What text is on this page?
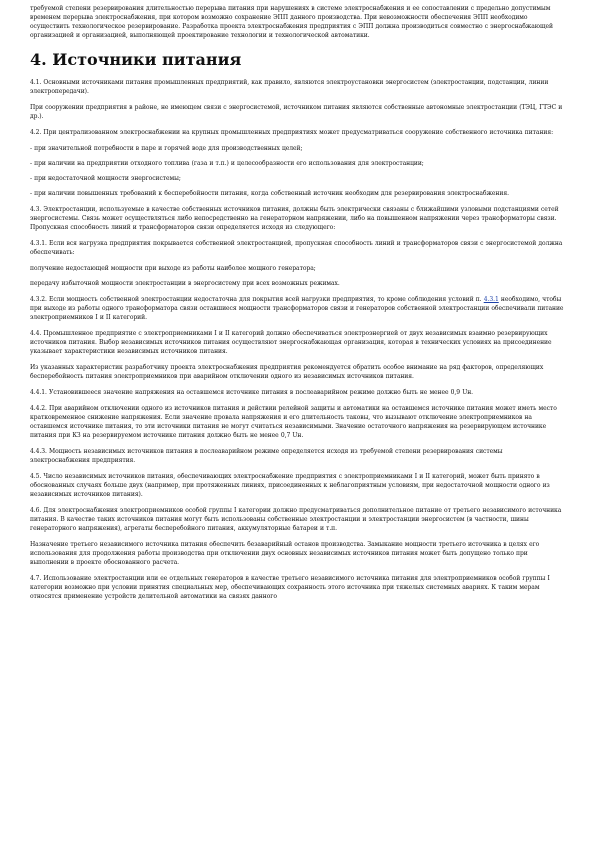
требуемой степени резервирования длительностью перерыва питания при нарушениях в системе электроснабжения и ее сопоставлении с предельно допустимым временем перерыва электроснабжения, при котором возможно сохранение ЭПП данного производства. При невозможности обеспечения ЭПП необходимо осуществить технологическое резервирование. Разработка проекта электроснабжения предприятия с ЭПП должна производиться совместно с энергоснабжающей организацией и организацией, выполняющей проектирование технологии и технологической автоматики.

4. Источники питания

4.1. Основными источниками питания промышленных предприятий, как правило, являются электроустановки энергосистем (электростанции, подстанции, линии электропередачи).

При сооружении предприятия в районе, не имеющем связи с энергосистемой, источником питания являются собственные автономные электростанции (ТЭЦ, ГТЭС и др.).

4.2. При централизованном электроснабжении на крупных промышленных предприятиях может предусматриваться сооружение собственного источника питания:

- при значительной потребности в паре и горячей воде для производственных целей;

- при наличии на предприятии отходного топлива (газа и т.п.) и целесообразности его использования для электростанции;

- при недостаточной мощности энергосистемы;

- при наличии повышенных требований к бесперебойности питания, когда собственный источник необходим для резервирования электроснабжения.

4.3. Электростанции, используемые в качестве собственных источников питания, должны быть электрически связаны с ближайшими узловыми подстанциями сетей энергосистемы. Связь может осуществляться либо непосредственно на генераторном напряжении, либо на повышенном напряжении через трансформаторы связи. Пропускная способность линий и трансформаторов связи определяется исходя из следующего:

4.3.1. Если вся нагрузка предприятия покрывается собственной электростанцией, пропускная способность линий и трансформаторов связи с энергосистемой должна обеспечивать:

получение недостающей мощности при выходе из работы наиболее мощного генератора;

передачу избыточной мощности электростанции в энергосистему при всех возможных режимах.

4.3.2. Если мощность собственной электростанции недостаточна для покрытия всей нагрузки предприятия, то кроме соблюдения условий п. 4.3.1 необходимо, чтобы при выходе из работы одного трансформатора связи оставшиеся мощности трансформаторов связи и генераторов собственной электростанции обеспечивали питание электроприемников I и II категорий.

4.4. Промышленное предприятие с электроприемниками I и II категорий должно обеспечиваться электроэнергией от двух независимых взаимно резервирующих источников питания. Выбор независимых источников питания осуществляют энергоснабжающая организация, которая в технических условиях на присоединение указывает характеристики независимых источников питания.

Из указанных характеристик разработчику проекта электроснабжения предприятия рекомендуется обратить особое внимание на ряд факторов, определяющих бесперебойность питания электроприемников при аварийном отключении одного из независимых источников питания.

4.4.1. Установившееся значение напряжения на оставшемся источнике питания в послеаварийном режиме должно быть не менее 0,9 Uн.

4.4.2. При аварийном отключении одного из источников питания и действии релейной защиты и автоматики на оставшемся источнике питания может иметь место кратковременное снижение напряжения. Если значение провала напряжения и его длительность таковы, что вызывают отключение электроприемников на оставшемся источнике питания, то эти источники питания не могут считаться независимыми. Значение остаточного напряжения на резервирующем источнике питания при КЗ на резервируемом источнике питания должно быть не менее 0,7 Uн.

4.4.3. Мощность независимых источников питания в послеаварийном режиме определяется исходя из требуемой степени резервирования системы электроснабжения предприятия.

4.5. Число независимых источников питания, обеспечивающих электроснабжение предприятия с электроприемниками I и II категорий, может быть принято в обоснованных случаях больше двух (например, при протяженных линиях, присоединенных к неблагоприятным условиям, при недостаточной мощности одного из независимых источников питания).

4.6. Для электроснабжения электроприемников особой группы I категории должно предусматриваться дополнительное питание от третьего независимого источника питания. В качестве таких источников питания могут быть использованы собственные электростанции и электростанции энергосистем (в частности, шины генераторного напряжения), агрегаты бесперебойного питания, аккумуляторные батареи и т.п.

Назначение третьего независимого источника питания обеспечить безаварийный останов производства. Замыкание мощности третьего источника в целях его использования для продолжения работы производства при отключении двух основных независимых источников питания может быть допущено только при выполнении в проекте обоснованного расчета.

4.7. Использование электростанции или ее отдельных генераторов в качестве третьего независимого источника питания для электроприемников особой группы I категории возможно при условии принятия специальных мер, обеспечивающих сохранность этого источника при тяжелых системных авариях. К таким мерам относятся применение устройств делительной автоматики на связях данного
